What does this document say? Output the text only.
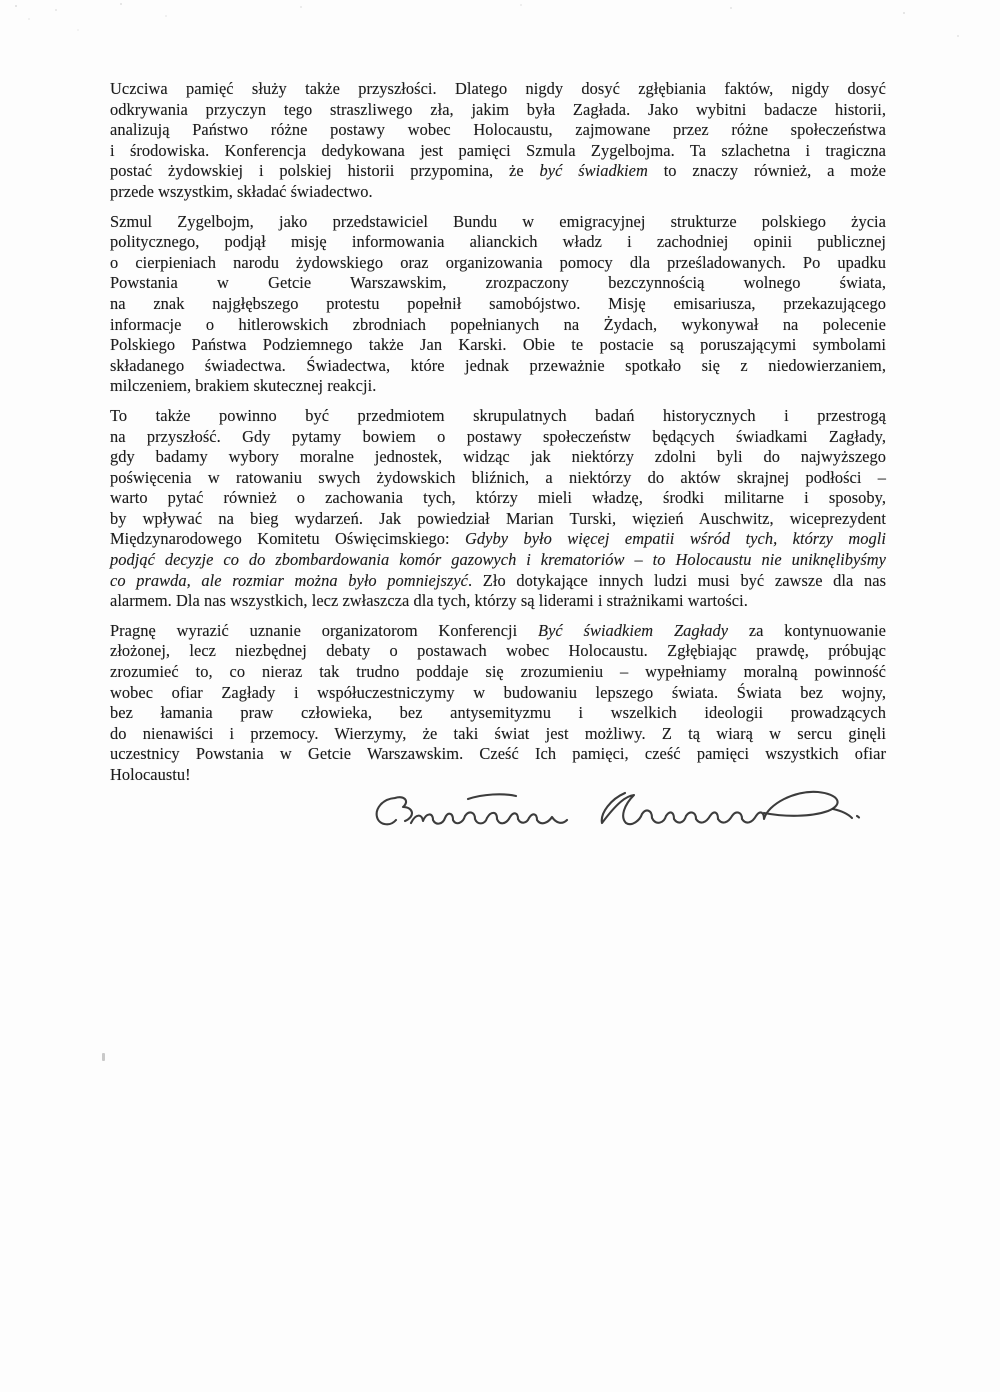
Uczciwa pamięć służy także przyszłości. Dlatego nigdy dosyć zgłębiania faktów, nigdy dosyć
odkrywania przyczyn tego straszliwego zła, jakim była Zagłada. Jako wybitni badacze historii,
analizują Państwo różne postawy wobec Holocaustu, zajmowane przez różne społeczeństwa
i środowiska. Konferencja dedykowana jest pamięci Szmula Zygelbojma. Ta szlachetna i tragiczna
postać żydowskiej i polskiej historii przypomina, że być świadkiem to znaczy również, a może
przede wszystkim, składać świadectwo.
Szmul Zygelbojm, jako przedstawiciel Bundu w emigracyjnej strukturze polskiego życia
politycznego, podjął misję informowania alianckich władz i zachodniej opinii publicznej
o cierpieniach narodu żydowskiego oraz organizowania pomocy dla prześladowanych. Po upadku
Powstania w Getcie Warszawskim, zrozpaczony bezczynnością wolnego świata,
na znak najgłębszego protestu popełnił samobójstwo. Misję emisariusza, przekazującego
informacje o hitlerowskich zbrodniach popełnianych na Żydach, wykonywał na polecenie
Polskiego Państwa Podziemnego także Jan Karski. Obie te postacie są poruszającymi symbolami
składanego świadectwa. Świadectwa, które jednak przeważnie spotkało się z niedowierzaniem,
milczeniem, brakiem skutecznej reakcji.
To także powinno być przedmiotem skrupulatnych badań historycznych i przestrogą
na przyszłość. Gdy pytamy bowiem o postawy społeczeństw będących świadkami Zagłady,
gdy badamy wybory moralne jednostek, widząc jak niektórzy zdolni byli do najwyższego
poświęcenia w ratowaniu swych żydowskich bliźnich, a niektórzy do aktów skrajnej podłości –
warto pytać również o zachowania tych, którzy mieli władzę, środki militarne i sposoby,
by wpływać na bieg wydarzeń. Jak powiedział Marian Turski, więzień Auschwitz, wiceprezydent
Międzynarodowego Komitetu Oświęcimskiego: Gdyby było więcej empatii wśród tych, którzy mogli
podjąć decyzje co do zbombardowania komór gazowych i krematoriów – to Holocaustu nie uniknęlibyśmy
co prawda, ale rozmiar można było pomniejszyć. Zło dotykające innych ludzi musi być zawsze dla nas
alarmem. Dla nas wszystkich, lecz zwłaszcza dla tych, którzy są liderami i strażnikami wartości.
Pragnę wyrazić uznanie organizatorom Konferencji Być świadkiem Zagłady za kontynuowanie
złożonej, lecz niezbędnej debaty o postawach wobec Holocaustu. Zgłębiając prawdę, próbując
zrozumieć to, co nieraz tak trudno poddaje się zrozumieniu – wypełniamy moralną powinność
wobec ofiar Zagłady i współuczestniczymy w budowaniu lepszego świata. Świata bez wojny,
bez łamania praw człowieka, bez antysemityzmu i wszelkich ideologii prowadzących
do nienawiści i przemocy. Wierzymy, że taki świat jest możliwy. Z tą wiarą w sercu ginęli
uczestnicy Powstania w Getcie Warszawskim. Cześć Ich pamięci, cześć pamięci wszystkich ofiar
Holocaustu!
